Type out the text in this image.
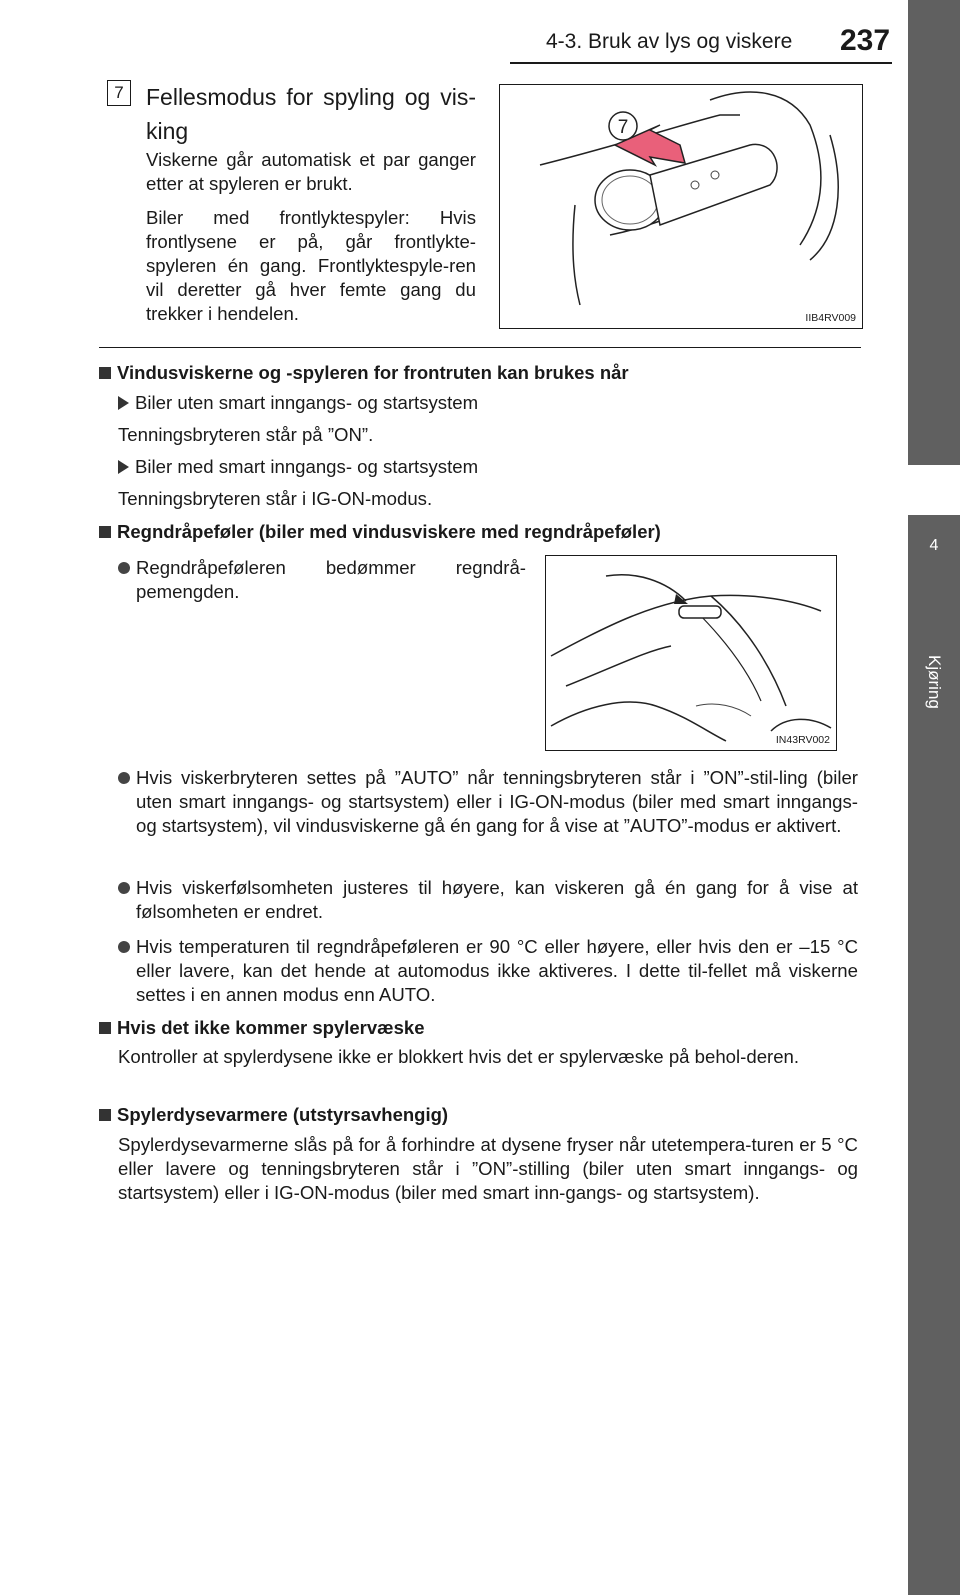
4-3. Bruk av lys og viskere 237
4
Kjøring
7 Fellesmodus for spyling og vis-king
Viskerne går automatisk et par ganger etter at spyleren er brukt.
Biler med frontlyktespyler: Hvis frontlysene er på, går frontlykte-spyleren én gang. Frontlyktespyle-ren vil deretter gå hver femte gang du trekker i hendelen.
7
IIB4RV009
Vindusviskerne og -spyleren for frontruten kan brukes når
Biler uten smart inngangs- og startsystem
Tenningsbryteren står på ”ON”.
Biler med smart inngangs- og startsystem
Tenningsbryteren står i IG-ON-modus.
Regndråpeføler (biler med vindusviskere med regndråpeføler)
Regndråpeføleren bedømmer regndrå-pemengden.
IN43RV002
Hvis viskerbryteren settes på ”AUTO” når tenningsbryteren står i ”ON”-stil-ling (biler uten smart inngangs- og startsystem) eller i IG-ON-modus (biler med smart inngangs- og startsystem), vil vindusviskerne gå én gang for å vise at ”AUTO”-modus er aktivert.
Hvis viskerfølsomheten justeres til høyere, kan viskeren gå én gang for å vise at følsomheten er endret.
Hvis temperaturen til regndråpeføleren er 90 °C eller høyere, eller hvis den er –15 °C eller lavere, kan det hende at automodus ikke aktiveres. I dette til-fellet må viskerne settes i en annen modus enn AUTO.
Hvis det ikke kommer spylervæske
Kontroller at spylerdysene ikke er blokkert hvis det er spylervæske på behol-deren.
Spylerdysevarmere (utstyrsavhengig)
Spylerdysevarmerne slås på for å forhindre at dysene fryser når utetempera-turen er 5 °C eller lavere og tenningsbryteren står i ”ON”-stilling (biler uten smart inngangs- og startsystem) eller i IG-ON-modus (biler med smart inn-gangs- og startsystem).
